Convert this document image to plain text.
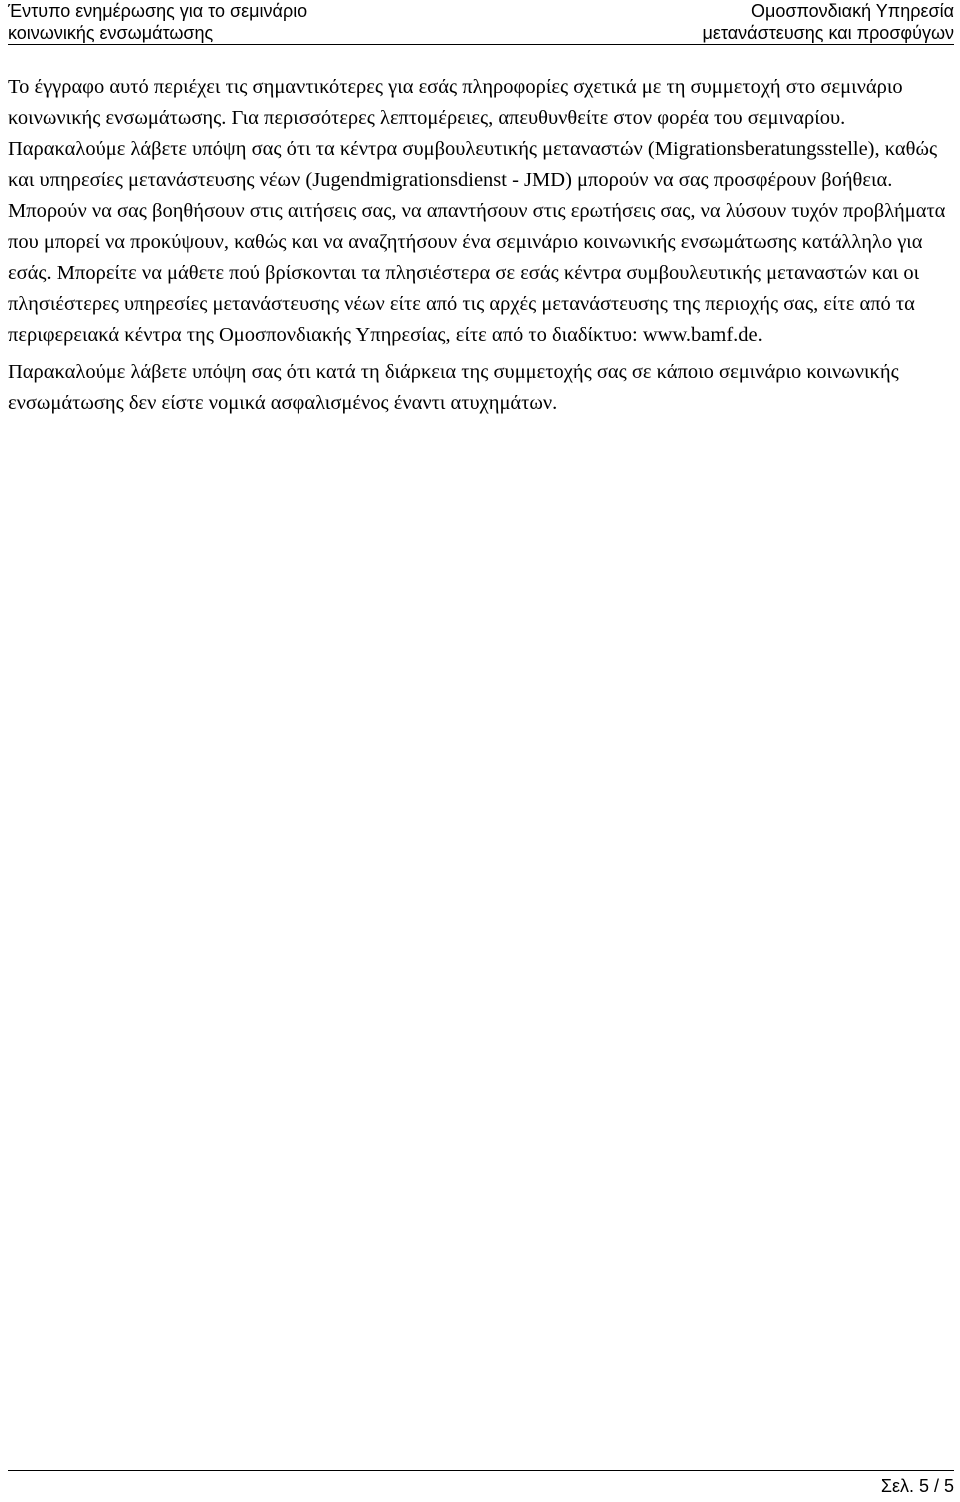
Έντυπο ενημέρωσης για το σεμινάριο
κοινωνικής ενσωμάτωσης
Ομοσπονδιακή Υπηρεσία
μετανάστευσης και προσφύγων

Το έγγραφο αυτό περιέχει τις σημαντικότερες για εσάς πληροφορίες σχετικά με τη συμμετοχή στο σεμινάριο κοινωνικής ενσωμάτωσης. Για περισσότερες λεπτομέρειες, απευθυνθείτε στον φορέα του σεμιναρίου.

Παρακαλούμε λάβετε υπόψη σας ότι τα κέντρα συμβουλευτικής μεταναστών (Migrationsberatungsstelle), καθώς και υπηρεσίες μετανάστευσης νέων (Jugendmigrationsdienst - JMD) μπορούν να σας προσφέρουν βοήθεια. Μπορούν να σας βοηθήσουν στις αιτήσεις σας, να απαντήσουν στις ερωτήσεις σας, να λύσουν τυχόν προβλήματα που μπορεί να προκύψουν, καθώς και να αναζητήσουν ένα σεμινάριο κοινωνικής ενσωμάτωσης κατάλληλο για εσάς. Μπορείτε να μάθετε πού βρίσκονται τα πλησιέστερα σε εσάς κέντρα συμβουλευτικής μεταναστών και οι πλησιέστερες υπηρεσίες μετανάστευσης νέων είτε από τις αρχές μετανάστευσης της περιοχής σας, είτε από τα περιφερειακά κέντρα της Ομοσπονδιακής Υπηρεσίας, είτε από το διαδίκτυο: www.bamf.de.

Παρακαλούμε λάβετε υπόψη σας ότι κατά τη διάρκεια της συμμετοχής σας σε κάποιο σεμινάριο κοινωνικής ενσωμάτωσης δεν είστε νομικά ασφαλισμένος έναντι ατυχημάτων.

Σελ. 5 / 5
